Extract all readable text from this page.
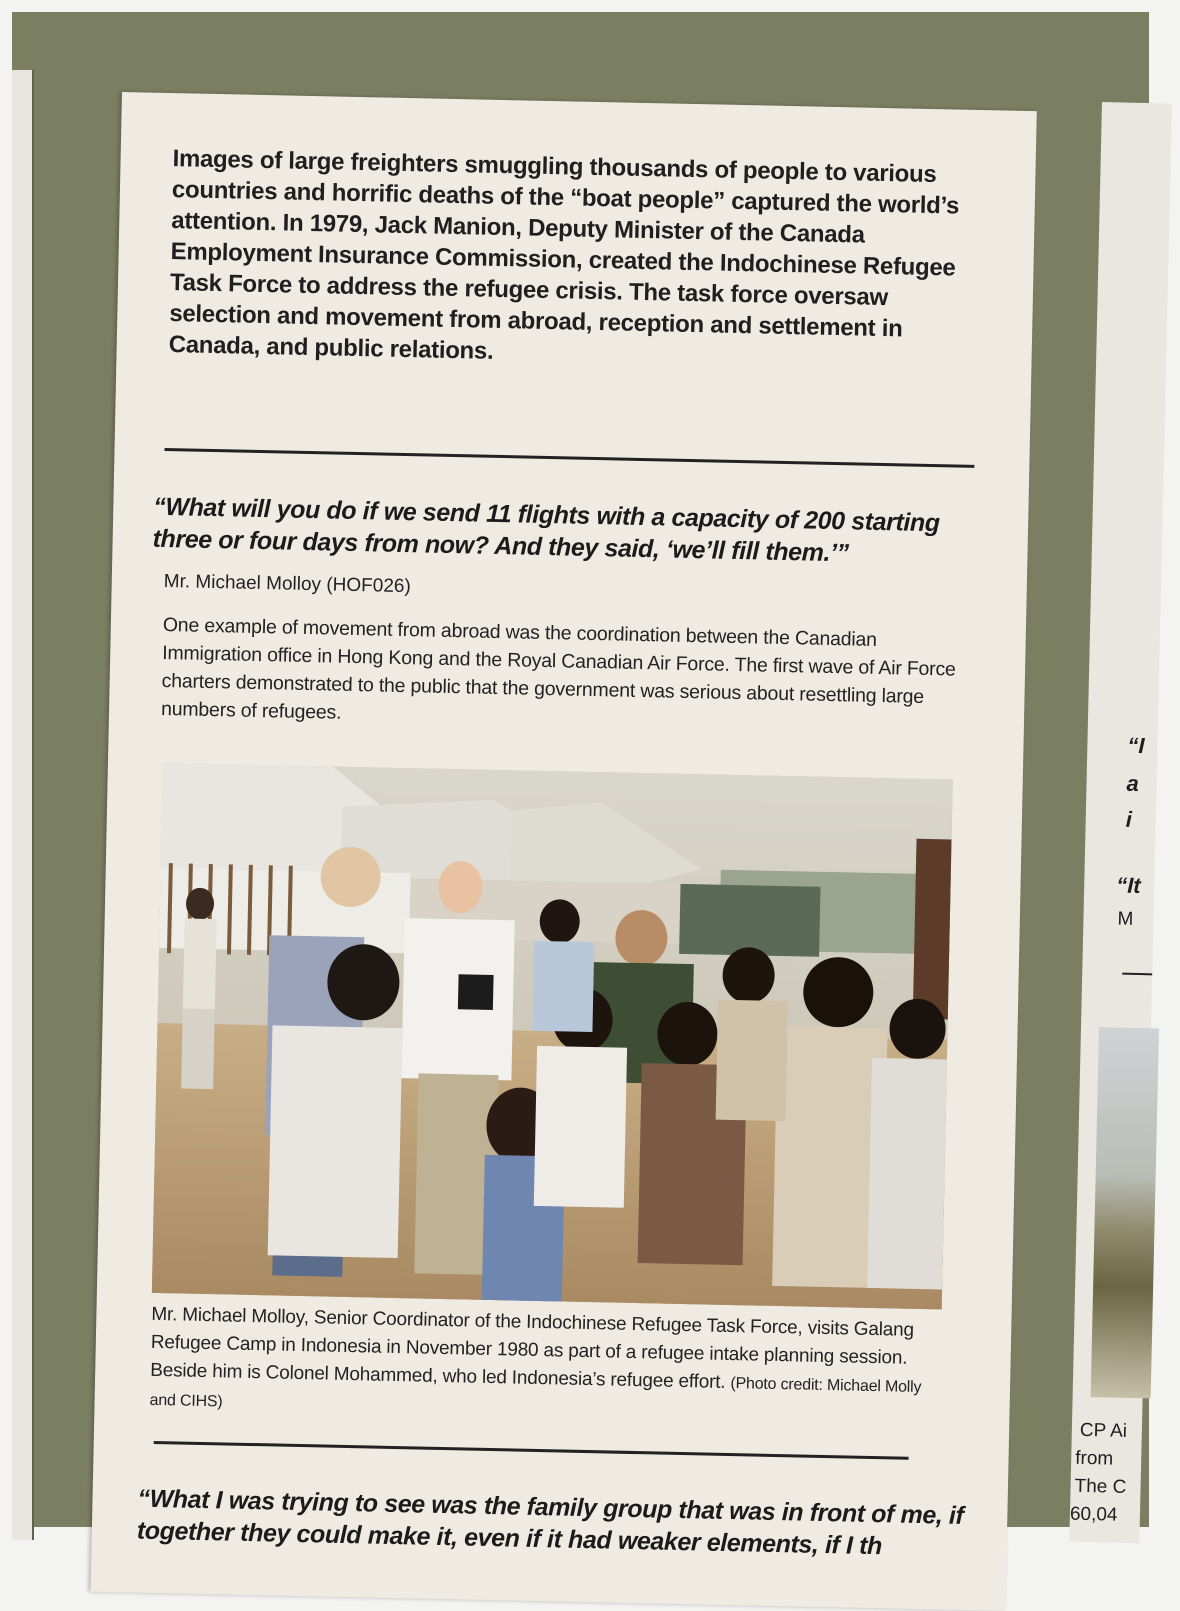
“I
a
i
“It
M
CP Ai
from
The C
60,04
Images of large freighters smuggling thousands of people to various countries and horrific deaths of the “boat people” captured the world’s attention. In 1979, Jack Manion, Deputy Minister of the Canada Employment Insurance Commission, created the Indochinese Refugee Task Force to address the refugee crisis. The task force oversaw selection and movement from abroad, reception and settlement in Canada, and public relations.
“What will you do if we send 11 flights with a capacity of 200 starting three or four days from now? And they said, ‘we’ll fill them.’”
Mr. Michael Molloy (HOF026)
One example of movement from abroad was the coordination between the Canadian Immigration office in Hong Kong and the Royal Canadian Air Force. The first wave of Air Force charters demonstrated to the public that the government was serious about resettling large numbers of refugees.
Mr. Michael Molloy, Senior Coordinator of the Indochinese Refugee Task Force, visits Galang Refugee Camp in Indonesia in November 1980 as part of a refugee intake planning session. Beside him is Colonel Mohammed, who led Indonesia’s refugee effort. (Photo credit: Michael Molly and CIHS)
“What I was trying to see was the family group that was in front of me, if together they could make it, even if it had weaker elements, if I th
